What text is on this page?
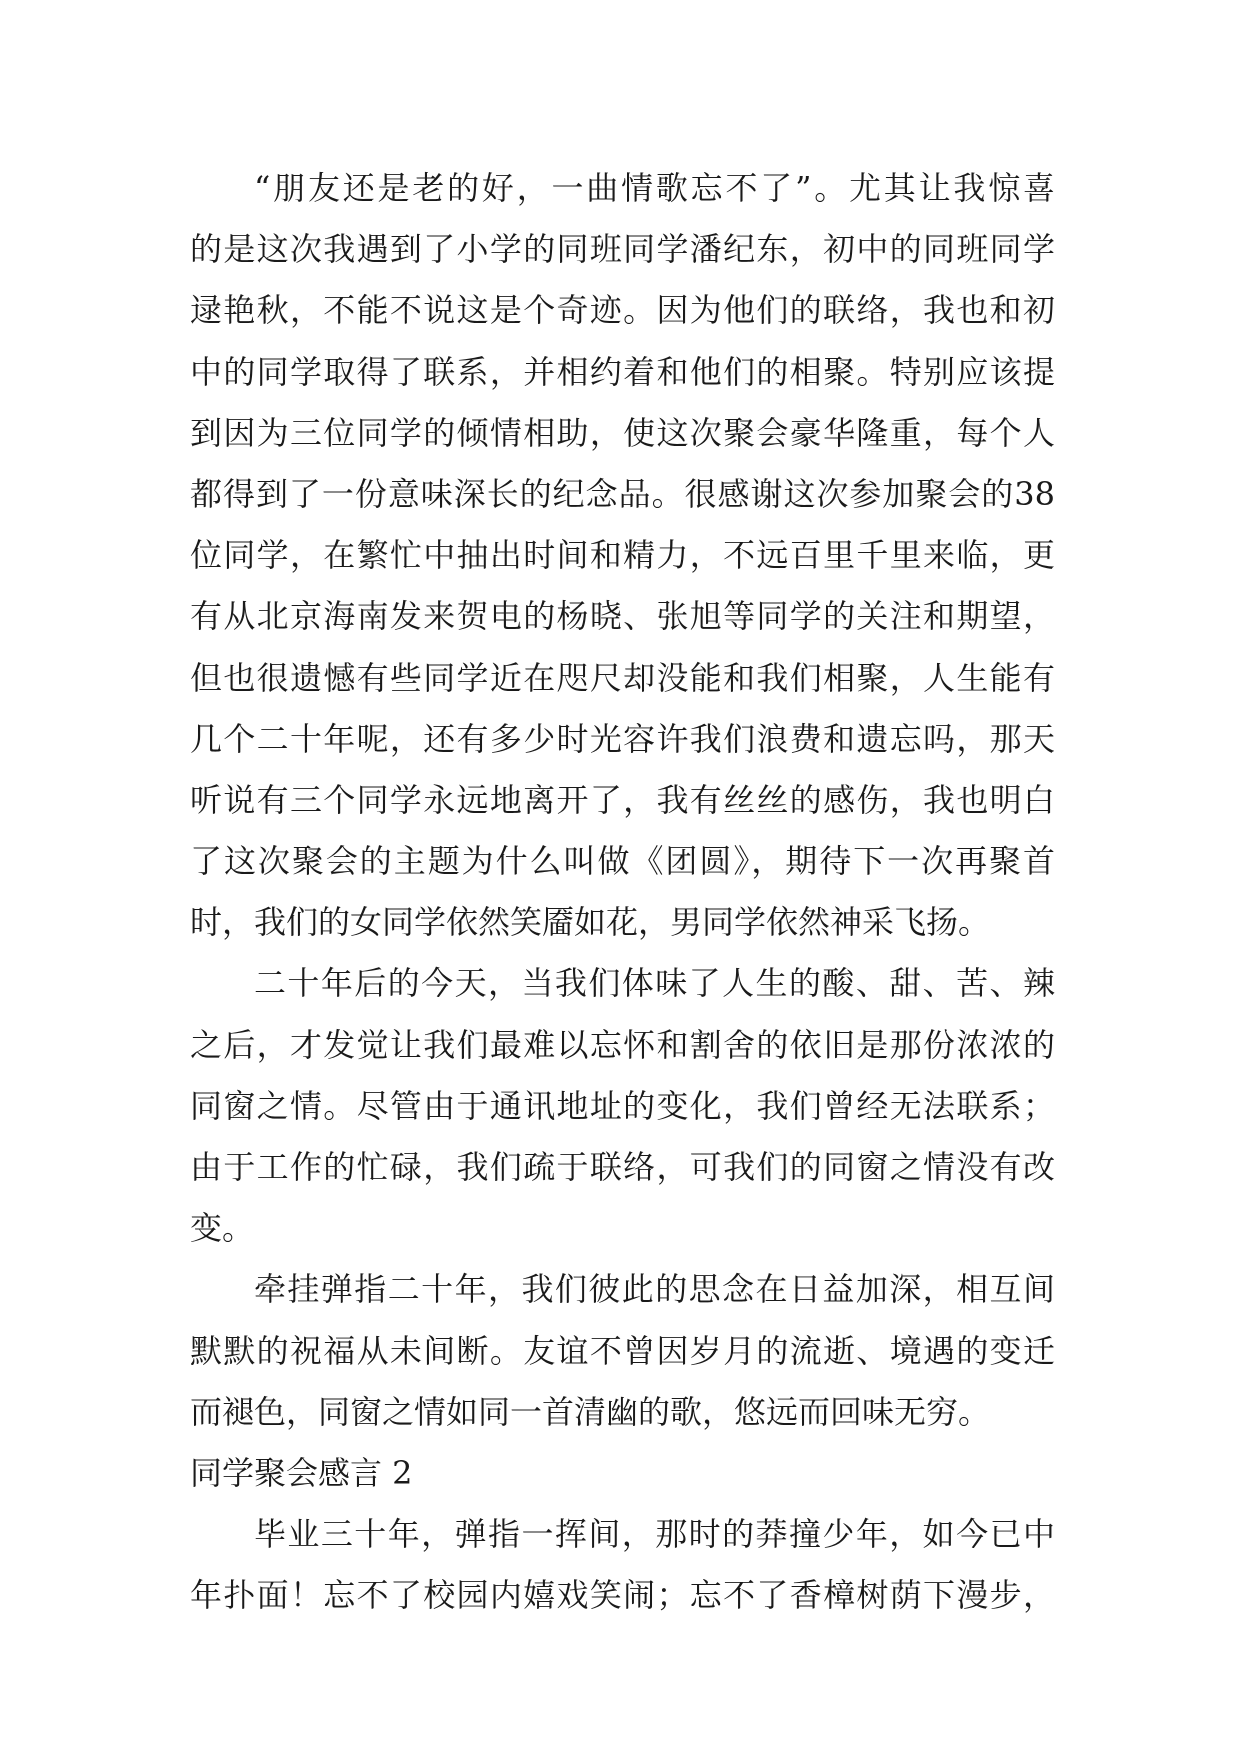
“朋友还是老的好，一曲情歌忘不了”。尤其让我惊喜
的是这次我遇到了小学的同班同学潘纪东，初中的同班同学
逯艳秋，不能不说这是个奇迹。因为他们的联络，我也和初
中的同学取得了联系，并相约着和他们的相聚。特别应该提
到因为三位同学的倾情相助，使这次聚会豪华隆重，每个人
都得到了一份意味深长的纪念品。很感谢这次参加聚会的38
位同学，在繁忙中抽出时间和精力，不远百里千里来临，更
有从北京海南发来贺电的杨晓、张旭等同学的关注和期望，
但也很遗憾有些同学近在咫尺却没能和我们相聚，人生能有
几个二十年呢，还有多少时光容许我们浪费和遗忘吗，那天
听说有三个同学永远地离开了，我有丝丝的感伤，我也明白
了这次聚会的主题为什么叫做《团圆》，期待下一次再聚首
时，我们的女同学依然笑靥如花，男同学依然神采飞扬。
二十年后的今天，当我们体味了人生的酸、甜、苦、辣
之后，才发觉让我们最难以忘怀和割舍的依旧是那份浓浓的
同窗之情。尽管由于通讯地址的变化，我们曾经无法联系；
由于工作的忙碌，我们疏于联络，可我们的同窗之情没有改
变。
牵挂弹指二十年，我们彼此的思念在日益加深，相互间
默默的祝福从未间断。友谊不曾因岁月的流逝、境遇的变迁
而褪色，同窗之情如同一首清幽的歌，悠远而回味无穷。
同学聚会感言 2
毕业三十年，弹指一挥间，那时的莽撞少年，如今已中
年扑面！忘不了校园内嬉戏笑闹；忘不了香樟树荫下漫步，
